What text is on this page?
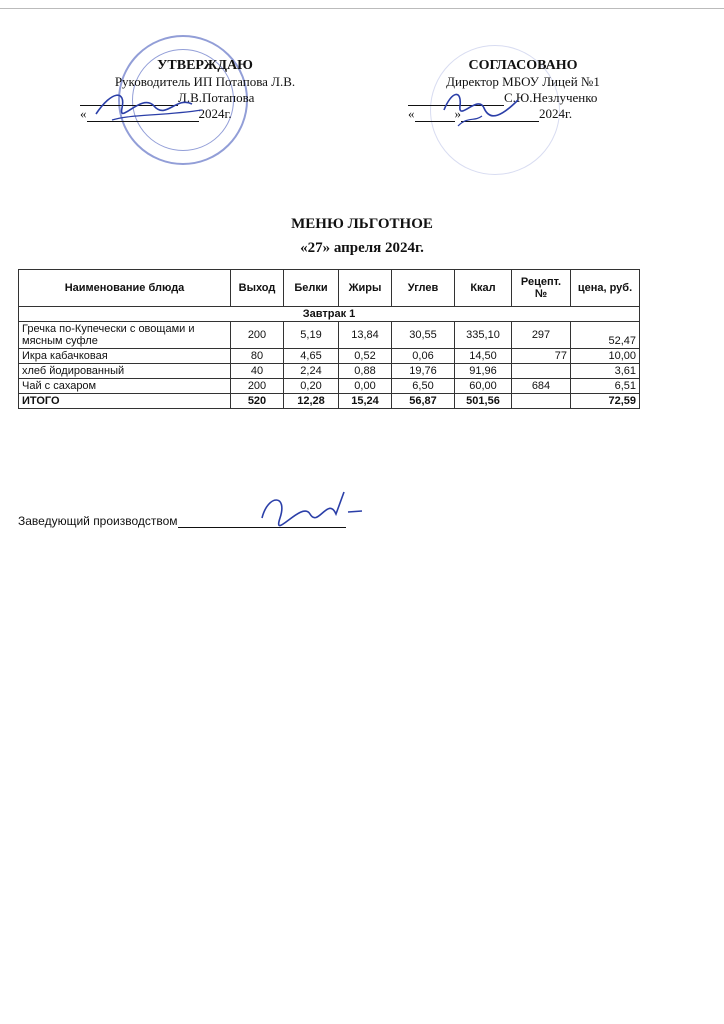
УТВЕРЖДАЮ
Руководитель ИП Потапова Л.В.
Л.В.Потапова
«	2024г.
СОГЛАСОВАНО
Директор МБОУ Лицей №1
С.Ю.Незлученко
«	»	2024г.
МЕНЮ ЛЬГОТНОЕ
«27» апреля 2024г.
Наименование блюда	Выход	Белки	Жиры	Углев	Ккал	Рецепт.№	цена, руб.
Завтрак 1							
Гречка по-Купечески с овощами и мясным суфле	200	5,19	13,84	30,55	335,10	297	52,47
Икра кабачковая	80	4,65	0,52	0,06	14,50	77	10,00
хлеб йодированный	40	2,24	0,88	19,76	91,96		3,61
Чай с сахаром	200	0,20	0,00	6,50	60,00	684	6,51
ИТОГО	520	12,28	15,24	56,87	501,56		72,59
Заведующий производством
